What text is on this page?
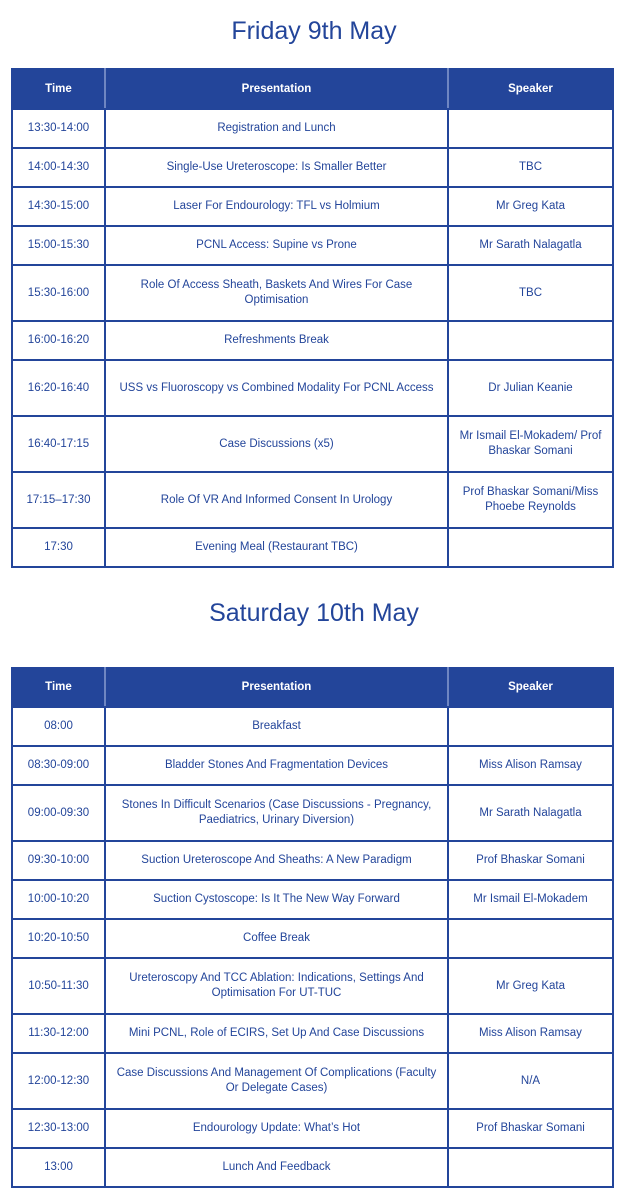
Friday 9th May
Time	Presentation	Speaker
13:30-14:00	Registration and Lunch	
14:00-14:30	Single-Use Ureteroscope: Is Smaller Better	TBC
14:30-15:00	Laser For Endourology: TFL vs Holmium	Mr Greg Kata
15:00-15:30	PCNL Access: Supine vs Prone	Mr Sarath Nalagatla
15:30-16:00	Role Of Access Sheath, Baskets And Wires For Case Optimisation	TBC
16:00-16:20	Refreshments Break	
16:20-16:40	USS vs Fluoroscopy vs Combined Modality For PCNL Access	Dr Julian Keanie
16:40-17:15	Case Discussions (x5)	Mr Ismail El-Mokadem/ Prof Bhaskar Somani
17:15–17:30	Role Of VR And Informed Consent In Urology	Prof Bhaskar Somani/Miss Phoebe Reynolds
17:30	Evening Meal (Restaurant TBC)	
Saturday 10th May
Time	Presentation	Speaker
08:00	Breakfast	
08:30-09:00	Bladder Stones And Fragmentation Devices	Miss Alison Ramsay
09:00-09:30	Stones In Difficult Scenarios (Case Discussions - Pregnancy, Paediatrics, Urinary Diversion)	Mr Sarath Nalagatla
09:30-10:00	Suction Ureteroscope And Sheaths: A New Paradigm	Prof Bhaskar Somani
10:00-10:20	Suction Cystoscope: Is It The New Way Forward	Mr Ismail El-Mokadem
10:20-10:50	Coffee Break	
10:50-11:30	Ureteroscopy And TCC Ablation: Indications, Settings And Optimisation For UT-TUC	Mr Greg Kata
11:30-12:00	Mini PCNL, Role of ECIRS, Set Up And Case Discussions	Miss Alison Ramsay
12:00-12:30	Case Discussions And Management Of Complications (Faculty Or Delegate Cases)	N/A
12:30-13:00	Endourology Update: What’s Hot	Prof Bhaskar Somani
13:00	Lunch And Feedback	
